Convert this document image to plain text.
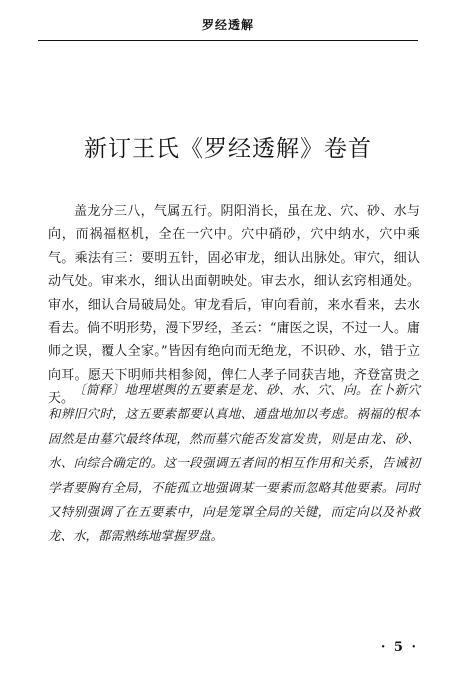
罗经透解
新订王氏《罗经透解》卷首

盖龙分三八，气属五行。阴阳消长，虽在龙、穴、砂、水与向，而祸福枢机，全在一穴中。穴中硝砂，穴中纳水，穴中乘气。乘法有三：要明五针，固必审龙，细认出脉处。审穴，细认动气处。审来水，细认出面朝映处。审去水，细认玄窍相通处。审水，细认合局破局处。审龙看后，审向看前，来水看来，去水看去。倘不明形势，漫下罗经，圣云：“庸医之误，不过一人。庸师之误，覆人全家。”皆因有绝向而无绝龙，不识砂、水，错于立向耳。愿天下明师共相参阅，俾仁人孝子同获吉地，齐登富贵之天。

〔简释〕地理堪舆的五要素是龙、砂、水、穴、向。在卜新穴和辨旧穴时，这五要素都要认真地、通盘地加以考虑。祸福的根本固然是由墓穴最终体现，然而墓穴能否发富发贵，则是由龙、砂、水、向综合确定的。这一段强调五者间的相互作用和关系，告诫初学者要胸有全局，不能孤立地强调某一要素而忽略其他要素。同时又特别强调了在五要素中，向是笼罩全局的关键，而定向以及补救龙、水，都需熟练地掌握罗盘。

· 5 ·
